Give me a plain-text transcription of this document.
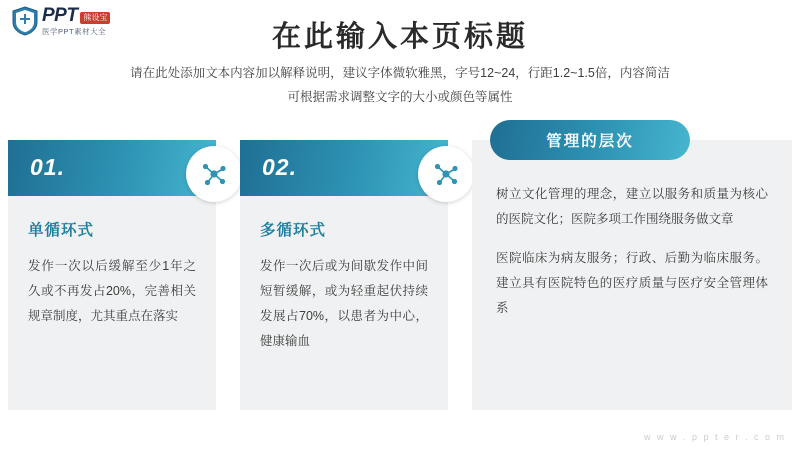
PPT 熊设宝
医学PPT素材大全	在此输入本页标题
请在此处添加文本内容加以解释说明，建议字体微软雅黑，字号12~24，行距1.2~1.5倍，内容简洁
可根据需求调整文字的大小或颜色等属性
01.
单循环式
发作一次以后缓解至少1年之久或不再发占20%，完善相关规章制度，尤其重点在落实
02.
多循环式
发作一次后或为间歇发作中间短暂缓解，或为轻重起伏持续发展占70%，以患者为中心，健康输血
管理的层次
树立文化管理的理念，建立以服务和质量为核心的医院文化；医院多项工作围绕服务做文章
医院临床为病友服务；行政、后勤为临床服务。建立具有医院特色的医疗质量与医疗安全管理体系
w w w . p p t e r . c o m
